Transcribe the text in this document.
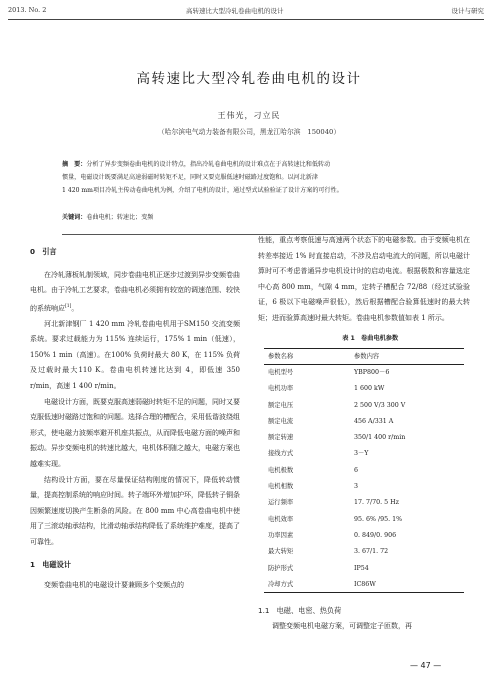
2013. No. 2	高转速比大型冷轧卷曲电机的设计	设计与研究
高转速比大型冷轧卷曲电机的设计
王伟光，刁立民
（哈尔滨电气动力装备有限公司，黑龙江哈尔滨　150040）
摘　要：分析了异步变频卷曲电机的设计特点，指出冷轧卷曲电机的设计难点在于高转速比和低转动
惯量，电磁设计既要满足高速弱磁时转矩不足，同时又要克服低速时磁路过度饱和。以河北新津
1 420 mm项目冷轧主传动卷曲电机为例，介绍了电机的设计，通过型式试验验证了设计方案的可行性。
关键词：卷曲电机；转速比；变频

0　引言

在冷轧薄板轧制领域，同步卷曲电机正逐步过渡到异步变频卷曲电机。由于冷轧工艺要求，卷曲电机必须拥有较宽的调速范围、较快的系统响应[1]。

河北新津钢厂 1 420 mm 冷轧卷曲电机用于SM150 交流变频系统。要求过载能力为 115% 连续运行，175% 1 min（低速），150% 1 min（高速）。在100% 负荷时最大 80 K，在 115% 负荷及过载时最大110 K。卷曲电机转速比达到 4，即低速 350 r/min，高速 1 400 r/min。

电磁设计方面，既要克服高速弱磁时转矩不足的问题，同时又要克服低速时磁路过饱和的问题。选择合理的槽配合，采用低谐波绕组形式，使电磁力波频率避开机座共振点，从而降低电磁方面的噪声和振动。异步变频电机的转速比越大，电机体积随之越大，电磁方案也越难实现。

结构设计方面，要在尽量保证结构刚度的情况下，降低转动惯量，提高控制系统的响应时间。转子端环外增加护环，降低转子铜条因频繁速度切换产生断条的风险。在 800 mm 中心高卷曲电机中使用了三滚动轴承结构，比滑动轴承结构降低了系统维护难度，提高了可靠性。

1　电磁设计

变频卷曲电机的电磁设计要兼顾多个变频点的

性能，重点考察低速与高速两个状态下的电磁参数。由于变频电机在转差率接近 1% 时直接启动，不涉及启动电流大的问题，所以电磁计算时可不考虑普通异步电机设计时的启动电流。根据极数和容量选定中心高 800 mm，气隙 4 mm，定转子槽配合 72/88（经过试验验证，6 极以下电磁噪声很低），然后根据槽配合验算低速时的最大转矩；进而验算高速时最大转矩。卷曲电机参数值如表 1 所示。

表 1　卷曲电机参数

参数名称	参数内容
电机型号	YBP800－6
电机功率	1 600 kW
额定电压	2 500 V/3 300 V
额定电流	456 A/331 A
额定转速	350/1 400 r/min
接线方式	3－Y
电机极数	6
电机相数	3
运行频率	17. 7/70. 5 Hz
电机效率	95. 6% /95. 1%
功率因素	0. 849/0. 906
最大转矩	3. 67/1. 72
防护形式	IP54
冷却方式	IC86W

1.1　电磁、电密、热负荷

调整变频电机电磁方案，可调整定子匝数，再

— 47 —
